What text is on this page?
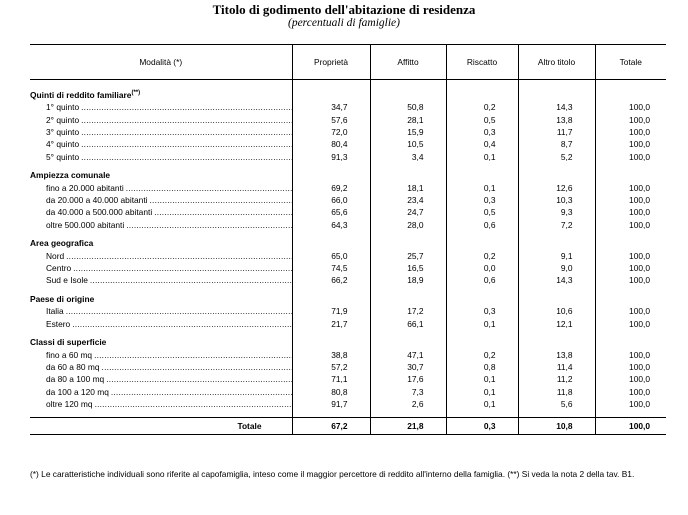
Titolo di godimento dell'abitazione di residenza
(percentuali di famiglie)
Modalità (*)	Proprietà	Affitto	Riscatto	Altro titolo	Totale

Quinti di reddito familiare(**)					
1° quinto .....	34,7	50,8	0,2	14,3	100,0
2° quinto .....	57,6	28,1	0,5	13,8	100,0
3° quinto .....	72,0	15,9	0,3	11,7	100,0
4° quinto .....	80,4	10,5	0,4	8,7	100,0
5° quinto .....	91,3	3,4	0,1	5,2	100,0

Ampiezza comunale					
fino a 20.000 abitanti .....	69,2	18,1	0,1	12,6	100,0
da 20.000 a 40.000 abitanti .....	66,0	23,4	0,3	10,3	100,0
da 40.000 a 500.000 abitanti .....	65,6	24,7	0,5	9,3	100,0
oltre 500.000 abitanti .....	64,3	28,0	0,6	7,2	100,0

Area geografica					
Nord .....	65,0	25,7	0,2	9,1	100,0
Centro .....	74,5	16,5	0,0	9,0	100,0
Sud e Isole .....	66,2	18,9	0,6	14,3	100,0

Paese di origine					
Italia .....	71,9	17,2	0,3	10,6	100,0
Estero .....	21,7	66,1	0,1	12,1	100,0

Classi di superficie					
fino a 60 mq .....	38,8	47,1	0,2	13,8	100,0
da 60 a 80 mq .....	57,2	30,7	0,8	11,4	100,0
da 80 a 100 mq .....	71,1	17,6	0,1	11,2	100,0
da 100 a 120 mq .....	80,8	7,3	0,1	11,8	100,0
oltre 120 mq .....	91,7	2,6	0,1	5,6	100,0

Totale	67,2	21,8	0,3	10,8	100,0
(*) Le caratteristiche individuali sono riferite al capofamiglia, inteso come il maggior percettore di reddito all'interno della famiglia. (**) Si veda la nota 2 della tav. B1.
